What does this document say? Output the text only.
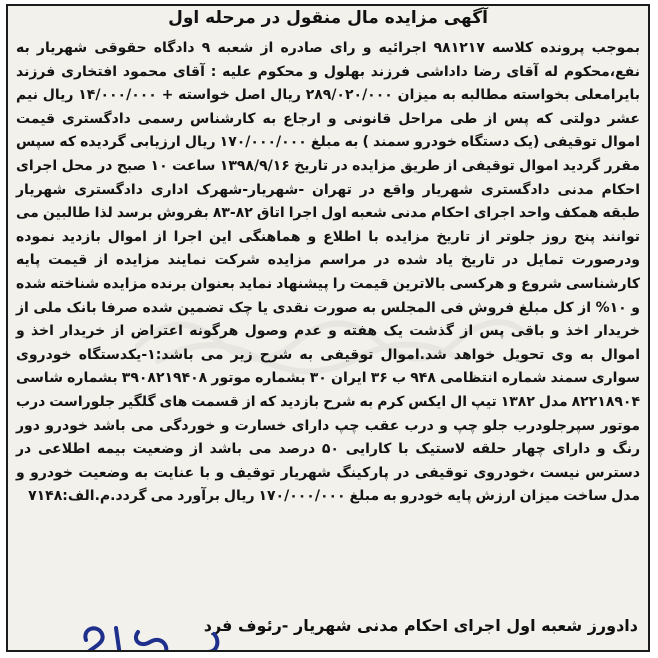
آگهی مزایده مال منقول در مرحله اول
بموجب پرونده کلاسه ۹۸۱۲۱۷ اجرائیه و رای صادره از شعبه ۹ دادگاه حقوقی شهریار به نفع،محکوم له آقای رضا داداشی فرزند بهلول و محکوم علیه : آقای محمود افتخاری فرزند بایرامعلی بخواسته مطالبه به میزان ۲۸۹/۰۲۰/۰۰۰ ریال اصل خواسته + ۱۴/۰۰۰/۰۰۰ ریال نیم عشر دولتی که پس از طی مراحل قانونی و ارجاع به کارشناس رسمی دادگستری قیمت اموال توقیفی (یک دستگاه خودرو سمند ) به مبلغ ۱۷۰/۰۰۰/۰۰۰ ریال ارزیابی گردیده که سپس مقرر گردید اموال توقیفی از طریق مزایده در تاریخ ۱۳۹۸/۹/۱۶ ساعت ۱۰ صبح در محل اجرای احکام مدنی دادگستری شهریار واقع در تهران -شهریار-شهرک اداری دادگستری شهریار طبقه همکف واحد اجرای احکام مدنی شعبه اول اجرا اتاق ۸۲-۸۳ بفروش برسد لذا طالبین می توانند پنج روز جلوتر از تاریخ مزایده با اطلاع و هماهنگی این اجرا از اموال بازدید نموده ودرصورت تمایل در تاریخ یاد شده در مراسم مزایده شرکت نمایند مزایده از قیمت پایه کارشناسی شروع و هرکسی بالاترین قیمت را پیشنهاد نماید بعنوان برنده مزایده شناخته شده و ۱۰% از کل مبلغ فروش فی المجلس به صورت نقدی یا چک تضمین شده صرفا بانک ملی از خریدار اخذ و باقی پس از گذشت یک هفته و عدم وصول هرگونه اعتراض از خریدار اخذ و اموال به وی تحویل خواهد شد.اموال توقیفی به شرح زیر می باشد:۱-یکدستگاه خودروی سواری سمند شماره انتظامی ۹۴۸ ب ۳۶ ایران ۳۰ بشماره موتور ۳۹۰۸۲۱۹۴۰۸ بشماره شاسی ۸۲۲۱۸۹۰۴ مدل ۱۳۸۲ تیپ ال ایکس کرم به شرح بازدید که از قسمت های گلگیر جلوراست درب موتور سپرجلودرب جلو چپ و درب عقب چپ دارای خسارت و خوردگی می باشد خودرو دور رنگ و دارای چهار حلقه لاستیک با کارایی ۵۰ درصد می باشد از وضعیت بیمه اطلاعی در دسترس نیست ،خودروی توقیفی در پارکینگ شهریار توقیف و با عنایت به وضعیت خودرو و مدل ساخت میزان ارزش پایه خودرو به مبلغ ۱۷۰/۰۰۰/۰۰۰ ریال برآورد می گردد.م.الف:۷۱۴۸
دادورز شعبه اول اجرای احکام مدنی شهریار -رئوف فرد
